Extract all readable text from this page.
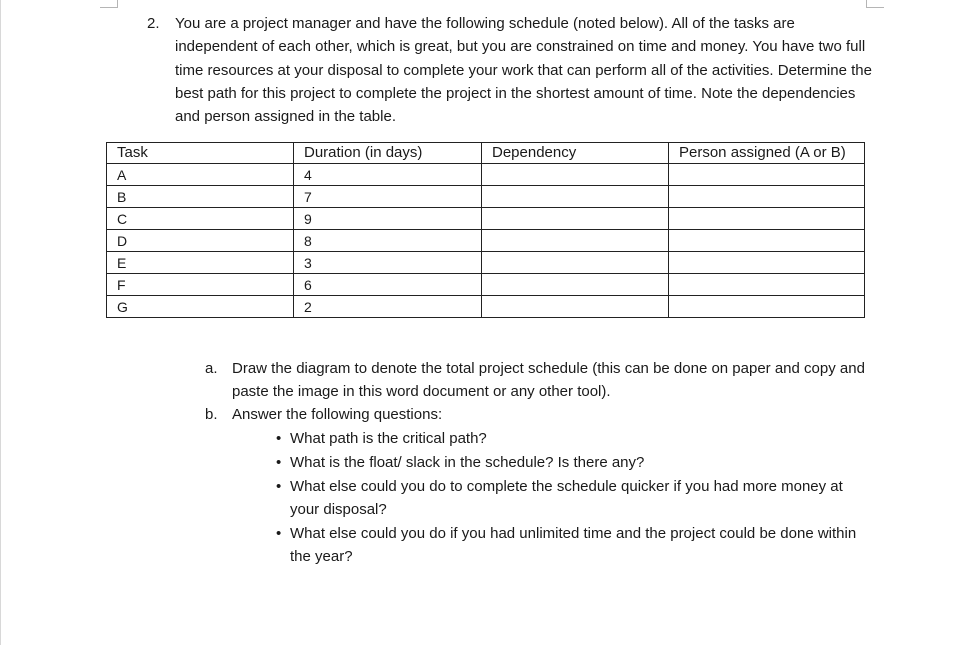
2. You are a project manager and have the following schedule (noted below). All of the tasks are independent of each other, which is great, but you are constrained on time and money. You have two full time resources at your disposal to complete your work that can perform all of the activities. Determine the best path for this project to complete the project in the shortest amount of time. Note the dependencies and person assigned in the table.
Task	Duration (in days)	Dependency	Person assigned (A or B)
A	4		
B	7		
C	9		
D	8		
E	3		
F	6		
G	2		
a. Draw the diagram to denote the total project schedule (this can be done on paper and copy and paste the image in this word document or any other tool).
b. Answer the following questions:
• What path is the critical path?
• What is the float/ slack in the schedule? Is there any?
• What else could you do to complete the schedule quicker if you had more money at your disposal?
• What else could you do if you had unlimited time and the project could be done within the year?
